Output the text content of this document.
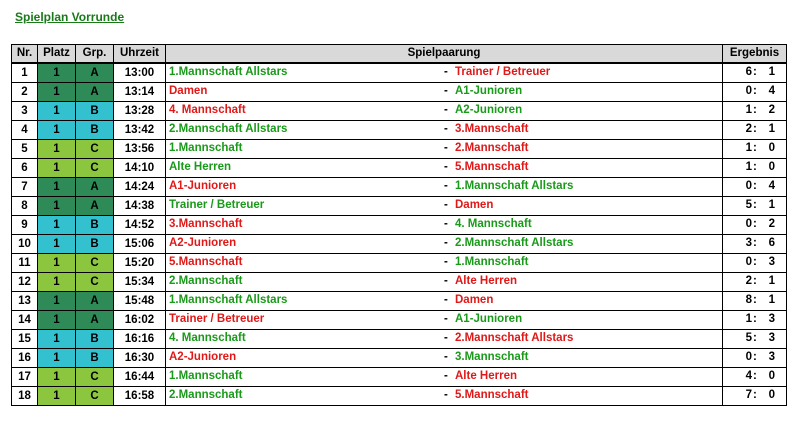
Spielplan Vorrunde
Nr.	Platz	Grp.	Uhrzeit	Spielpaarung	Ergebnis
1	1	A	13:00	1.Mannschaft Allstars - Trainer / Betreuer	6 : 1

2	1	A	13:14	Damen - A1-Junioren	0 : 4

3	1	B	13:28	4. Mannschaft - A2-Junioren	1 : 2

4	1	B	13:42	2.Mannschaft Allstars - 3.Mannschaft	2 : 1

5	1	C	13:56	1.Mannschaft - 2.Mannschaft	1 : 0

6	1	C	14:10	Alte Herren - 5.Mannschaft	1 : 0

7	1	A	14:24	A1-Junioren - 1.Mannschaft Allstars	0 : 4

8	1	A	14:38	Trainer / Betreuer - Damen	5 : 1

9	1	B	14:52	3.Mannschaft - 4. Mannschaft	0 : 2

10	1	B	15:06	A2-Junioren - 2.Mannschaft Allstars	3 : 6

11	1	C	15:20	5.Mannschaft - 1.Mannschaft	0 : 3

12	1	C	15:34	2.Mannschaft - Alte Herren	2 : 1

13	1	A	15:48	1.Mannschaft Allstars - Damen	8 : 1

14	1	A	16:02	Trainer / Betreuer - A1-Junioren	1 : 3

15	1	B	16:16	4. Mannschaft - 2.Mannschaft Allstars	5 : 3

16	1	B	16:30	A2-Junioren - 3.Mannschaft	0 : 3

17	1	C	16:44	1.Mannschaft - Alte Herren	4 : 0

18	1	C	16:58	2.Mannschaft - 5.Mannschaft	7 : 0
